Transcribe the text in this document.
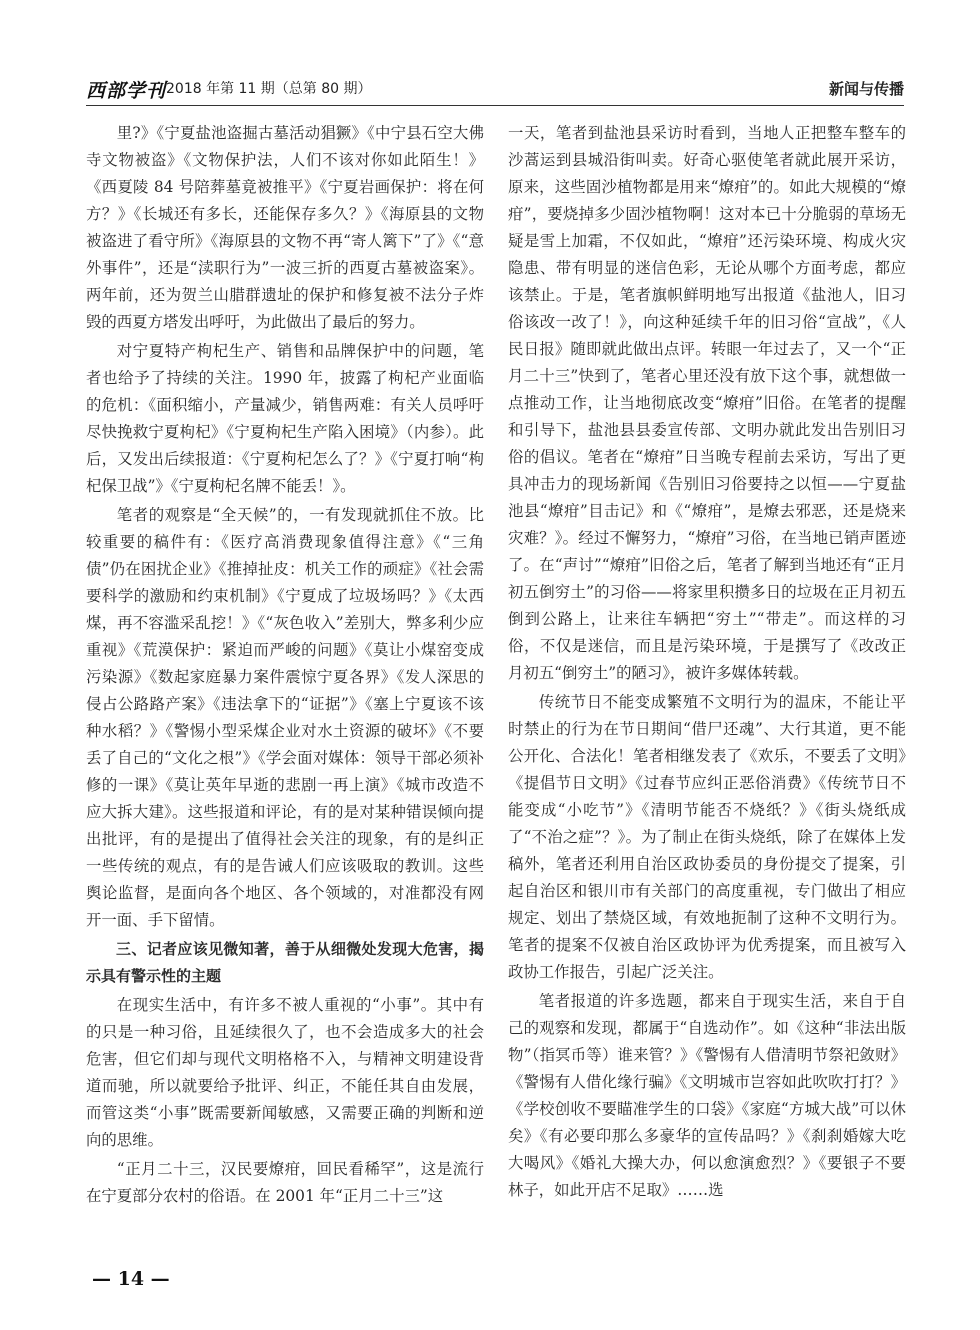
西部学刊 2018 年第 11 期（总第 80 期）	新闻与传播

里?》《宁夏盐池盗掘古墓活动猖獗》《中宁县石空大佛寺文物被盗》《文物保护法，人们不该对你如此陌生！》《西夏陵 84 号陪葬墓竟被推平》《宁夏岩画保护：将在何方？》《长城还有多长，还能保存多久？》《海原县的文物被盗进了看守所》《海原县的文物不再“寄人篱下”了》《“意外事件”，还是“渎职行为”一波三折的西夏古墓被盗案》。两年前，还为贺兰山腊群遗址的保护和修复被不法分子炸毁的西夏方塔发出呼吁，为此做出了最后的努力。

对宁夏特产枸杞生产、销售和品牌保护中的问题，笔者也给予了持续的关注。1990 年，披露了枸杞产业面临的危机：《面积缩小，产量减少，销售两难：有关人员呼吁尽快挽救宁夏枸杞》《宁夏枸杞生产陷入困境》（内参）。此后，又发出后续报道：《宁夏枸杞怎么了？》《宁夏打响“枸杞保卫战”》《宁夏枸杞名牌不能丢！》。

笔者的观察是“全天候”的，一有发现就抓住不放。比较重要的稿件有：《医疗高消费现象值得注意》《“三角债”仍在困扰企业》《推掉扯皮：机关工作的顽症》《社会需要科学的激励和约束机制》《宁夏成了垃圾场吗？》《太西煤，再不容滥采乱挖！》《“灰色收入”差别大，弊多利少应重视》《荒漠保护：紧迫而严峻的问题》《莫让小煤窑变成污染源》《数起家庭暴力案件震惊宁夏各界》《发人深思的侵占公路路产案》《违法拿下的“证据”》《塞上宁夏该不该种水稻？》《警惕小型采煤企业对水土资源的破坏》《不要丢了自己的“文化之根”》《学会面对媒体：领导干部必须补修的一课》《莫让英年早逝的悲剧一再上演》《城市改造不应大拆大建》。这些报道和评论，有的是对某种错误倾向提出批评，有的是提出了值得社会关注的现象，有的是纠正一些传统的观点，有的是告诫人们应该吸取的教训。这些舆论监督，是面向各个地区、各个领域的，对准都没有网开一面、手下留情。

三、记者应该见微知著，善于从细微处发现大危害，揭示具有警示性的主题

在现实生活中，有许多不被人重视的“小事”。其中有的只是一种习俗，且延续很久了，也不会造成多大的社会危害，但它们却与现代文明格格不入，与精神文明建设背道而驰，所以就要给予批评、纠正，不能任其自由发展，而管这类“小事”既需要新闻敏感，又需要正确的判断和逆向的思维。

“正月二十三，汉民要燎疳，回民看稀罕”，这是流行在宁夏部分农村的俗语。在 2001 年“正月二十三”这

一天，笔者到盐池县采访时看到，当地人正把整车整车的沙蒿运到县城沿街叫卖。好奇心驱使笔者就此展开采访，原来，这些固沙植物都是用来“燎疳”的。如此大规模的“燎疳”，要烧掉多少固沙植物啊！这对本已十分脆弱的草场无疑是雪上加霜，不仅如此，“燎疳”还污染环境、构成火灾隐患、带有明显的迷信色彩，无论从哪个方面考虑，都应该禁止。于是，笔者旗帜鲜明地写出报道《盐池人，旧习俗该改一改了！》，向这种延续千年的旧习俗“宣战”，《人民日报》随即就此做出点评。转眼一年过去了，又一个“正月二十三”快到了，笔者心里还没有放下这个事，就想做一点推动工作，让当地彻底改变“燎疳”旧俗。在笔者的提醒和引导下，盐池县县委宣传部、文明办就此发出告别旧习俗的倡议。笔者在“燎疳”日当晚专程前去采访，写出了更具冲击力的现场新闻《告别旧习俗要持之以恒——宁夏盐池县“燎疳”目击记》和《“燎疳”，是燎去邪恶，还是烧来灾难？》。经过不懈努力，“燎疳”习俗，在当地已销声匿迹了。在“声讨”“燎疳”旧俗之后，笔者了解到当地还有“正月初五倒穷土”的习俗——将家里积攒多日的垃圾在正月初五倒到公路上，让来往车辆把“穷土”“带走”。而这样的习俗，不仅是迷信，而且是污染环境，于是撰写了《改改正月初五“倒穷土”的陋习》，被许多媒体转载。

传统节日不能变成繁殖不文明行为的温床，不能让平时禁止的行为在节日期间“借尸还魂”、大行其道，更不能公开化、合法化！笔者相继发表了《欢乐，不要丢了文明》《提倡节日文明》《过春节应纠正恶俗消费》《传统节日不能变成“小吃节”》《清明节能否不烧纸？》《街头烧纸成了“不治之症”？》。为了制止在街头烧纸，除了在媒体上发稿外，笔者还利用自治区政协委员的身份提交了提案，引起自治区和银川市有关部门的高度重视，专门做出了相应规定、划出了禁烧区域，有效地扼制了这种不文明行为。笔者的提案不仅被自治区政协评为优秀提案，而且被写入政协工作报告，引起广泛关注。

笔者报道的许多选题，都来自于现实生活，来自于自己的观察和发现，都属于“自选动作”。如《这种“非法出版物”（指冥币等）谁来管？》《警惕有人借清明节祭祀敛财》《警惕有人借化缘行骗》《文明城市岂容如此吹吹打打？》《学校创收不要瞄准学生的口袋》《家庭“方城大战”可以休矣》《有必要印那么多豪华的宣传品吗？》《刹刹婚嫁大吃大喝风》《婚礼大操大办，何以愈演愈烈？》《要银子不要林子，如此开店不足取》……选

— 14 —
